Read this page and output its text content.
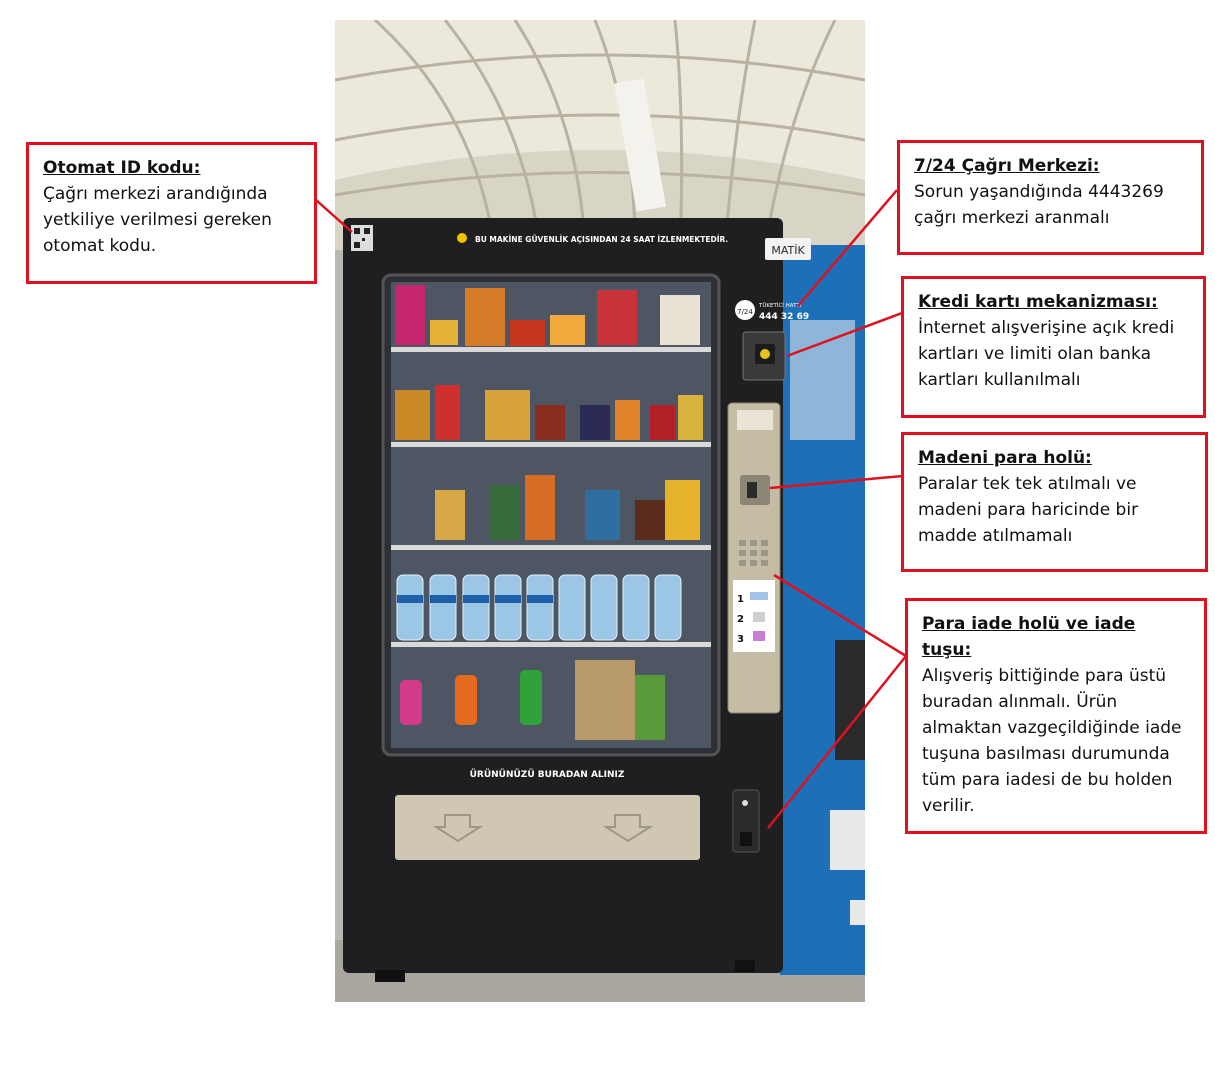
BU MAKİNE GÜVENLİK AÇISINDAN 24 SAAT İZLENMEKTEDİR.
MATİK
ÜRÜNÜNÜZÜ BURADAN ALINIZ
7/24
TÜKETİCİ HATTI
444 32 69
1
2
3
Otomat ID kodu:
Çağrı merkezi arandığında yetkiliye verilmesi gereken otomat kodu.
7/24 Çağrı Merkezi:
Sorun yaşandığında 4443269 çağrı merkezi aranmalı
Kredi kartı mekanizması:
İnternet alışverişine açık kredi kartları ve limiti olan banka kartları kullanılmalı
Madeni para holü:
Paralar tek tek atılmalı ve madeni para haricinde bir madde atılmamalı
Para iade holü ve iade tuşu:
Alışveriş bittiğinde para üstü buradan alınmalı. Ürün almaktan vazgeçildiğinde iade tuşuna basılması durumunda tüm para iadesi de bu holden verilir.
